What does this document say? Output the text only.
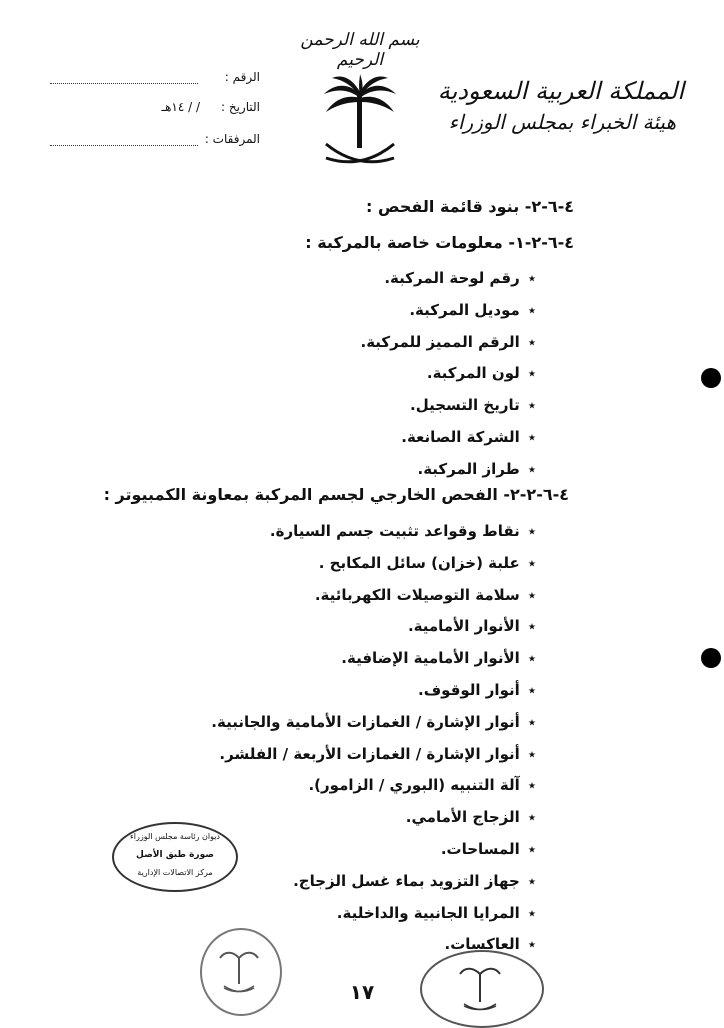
بسم الله الرحمن الرحيم
المملكة العربية السعودية
هيئة الخبراء بمجلس الوزراء
الرقم :
التاريخ :
/ / ١٤هـ
المرفقات :
٤-٦-٢- بنود قائمة الفحص :
٤-٦-٢-١- معلومات خاصة بالمركبة :
٭ رقم لوحة المركبة.
٭ موديل المركبة.
٭ الرقم المميز للمركبة.
٭ لون المركبة.
٭ تاريخ التسجيل.
٭ الشركة الصانعة.
٭ طراز المركبة.
٤-٦-٢-٢- الفحص الخارجي لجسم المركبة بمعاونة الكمبيوتر :
٭ نقاط وقواعد تثبيت جسم السيارة.
٭ علبة (خزان) سائل المكابح .
٭ سلامة التوصيلات الكهربائية.
٭ الأنوار الأمامية.
٭ الأنوار الأمامية الإضافية.
٭ أنوار الوقوف.
٭ أنوار الإشارة / الغمازات الأمامية والجانبية.
٭ أنوار الإشارة / الغمازات الأربعة / الفلشر.
٭ آلة التنبيه (البوري / الزامور).
٭ الزجاج الأمامي.
٭ المساحات.
٭ جهاز التزويد بماء غسل الزجاج.
٭ المرايا الجانبية والداخلية.
٭ العاكسات.
ديوان رئاسة مجلس الوزراء
صورة طبق الأصل
مركز الاتصالات الإدارية
١٧
